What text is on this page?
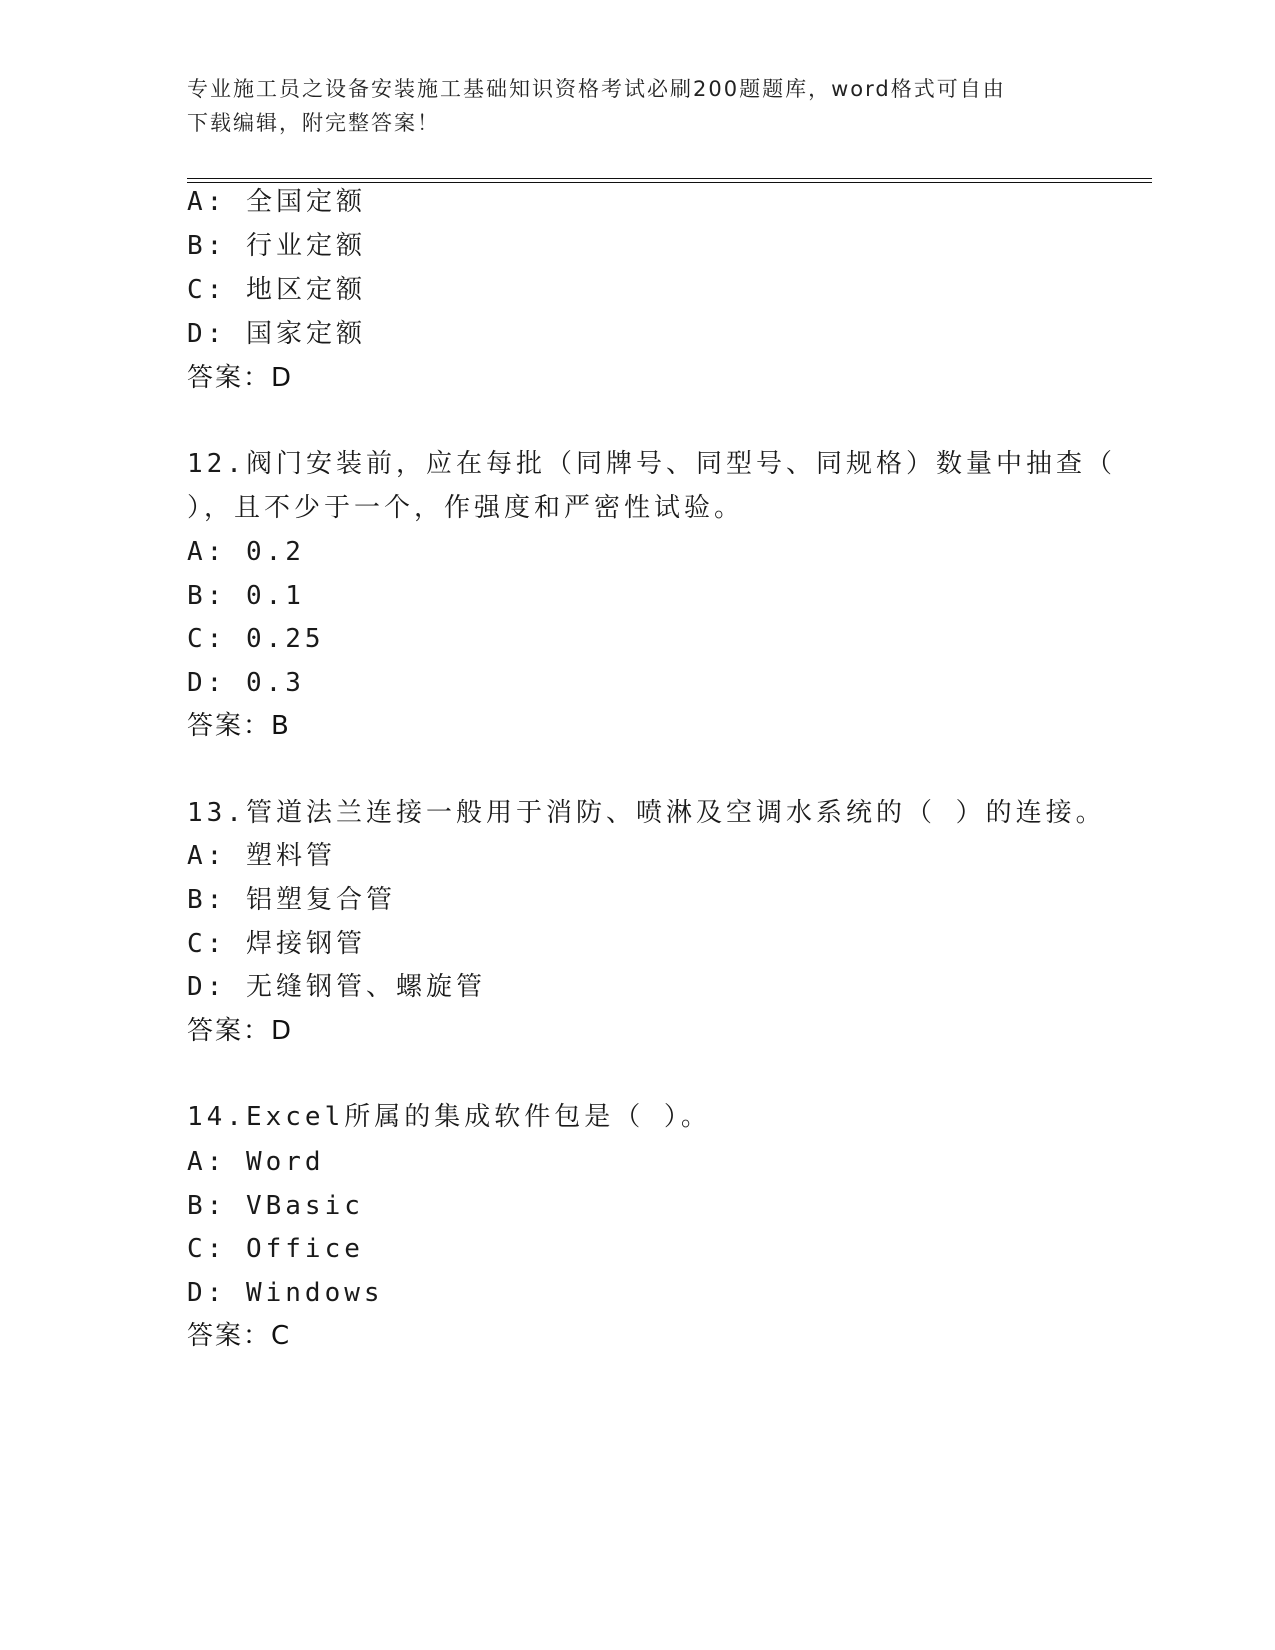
专业施工员之设备安装施工基础知识资格考试必刷200题题库，word格式可自由
下载编辑，附完整答案！
A: 全国定额
B: 行业定额
C: 地区定额
D: 国家定额
答案：D
12.阀门安装前，应在每批（同牌号、同型号、同规格）数量中抽查（
），且不少于一个，作强度和严密性试验。
A: 0.2
B: 0.1
C: 0.25
D: 0.3
答案：B
13.管道法兰连接一般用于消防、喷淋及空调水系统的（ ）的连接。
A: 塑料管
B: 铝塑复合管
C: 焊接钢管
D: 无缝钢管、螺旋管
答案：D
14.Excel所属的集成软件包是（ ）。
A: Word
B: VBasic
C: Office
D: Windows
答案：C
